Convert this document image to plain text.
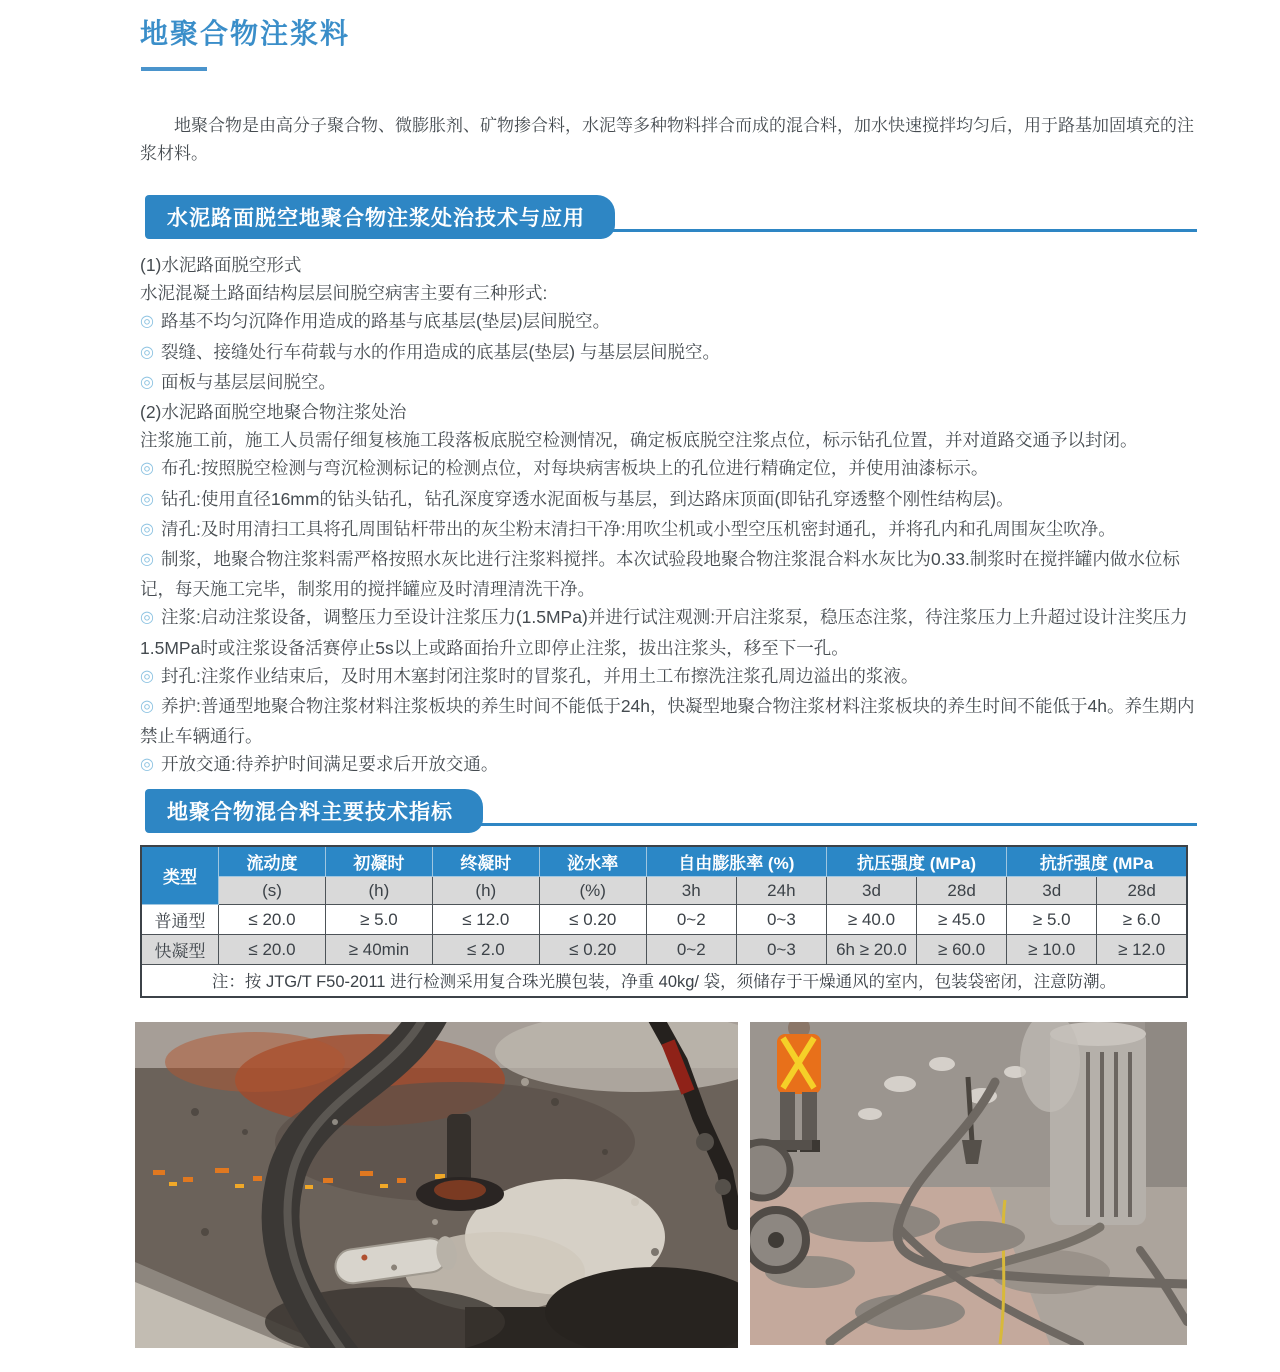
地聚合物注浆料

地聚合物是由高分子聚合物、微膨胀剂、矿物掺合料，水泥等多种物料拌合而成的混合料，加水快速搅拌均匀后，用于路基加固填充的注浆材料。

水泥路面脱空地聚合物注浆处治技术与应用
(1)水泥路面脱空形式
水泥混凝土路面结构层层间脱空病害主要有三种形式:
◎ 路基不均匀沉降作用造成的路基与底基层(垫层)层间脱空。
◎ 裂缝、接缝处行车荷载与水的作用造成的底基层(垫层) 与基层层间脱空。
◎ 面板与基层层间脱空。
(2)水泥路面脱空地聚合物注浆处治
注浆施工前，施工人员需仔细复核施工段落板底脱空检测情况，确定板底脱空注浆点位，标示钻孔位置，并对道路交通予以封闭。
◎ 布孔:按照脱空检测与弯沉检测标记的检测点位，对每块病害板块上的孔位进行精确定位，并使用油漆标示。
◎ 钻孔:使用直径16mm的钻头钻孔，钻孔深度穿透水泥面板与基层，到达路床顶面(即钻孔穿透整个刚性结构层)。
◎ 清孔:及时用清扫工具将孔周围钻杆带出的灰尘粉末清扫干净:用吹尘机或小型空压机密封通孔，并将孔内和孔周围灰尘吹净。
◎ 制浆，地聚合物注浆料需严格按照水灰比进行注浆料搅拌。本次试验段地聚合物注浆混合料水灰比为0.33.制浆时在搅拌罐内做水位标记，每天施工完毕，制浆用的搅拌罐应及时清理清洗干净。
◎ 注浆:启动注浆设备，调整压力至设计注浆压力(1.5MPa)并进行试注观测:开启注浆泵，稳压态注浆，待注浆压力上升超过设计注奖压力1.5MPa时或注浆设备活赛停止5s以上或路面抬升立即停止注浆，拔出注浆头，移至下一孔。
◎ 封孔:注浆作业结束后，及时用木塞封闭注浆时的冒浆孔，并用土工布擦洗注浆孔周边溢出的浆液。
◎ 养护:普通型地聚合物注浆材料注浆板块的养生时间不能低于24h，快凝型地聚合物注浆材料注浆板块的养生时间不能低于4h。养生期内禁止车辆通行。
◎ 开放交通:待养护时间满足要求后开放交通。
地聚合物混合料主要技术指标
类型	流动度	初凝时	终凝时	泌水率	自由膨胀率 (%)		抗压强度 (MPa)		抗折强度 (MPa	
	(s)	(h)	(h)	(%)	3h	24h	3d	28d	3d	28d
普通型	≤ 20.0	≥ 5.0	≤ 12.0	≤ 0.20	0~2	0~3	≥ 40.0	≥ 45.0	≥ 5.0	≥ 6.0
快凝型	≤ 20.0	≥ 40min	≤ 2.0	≤ 0.20	0~2	0~3	6h ≥ 20.0	≥ 60.0	≥ 10.0	≥ 12.0
注：按 JTG/T F50-2011 进行检测采用复合珠光膜包装，净重 40kg/ 袋，须储存于干燥通风的室内，包装袋密闭，注意防潮。										
